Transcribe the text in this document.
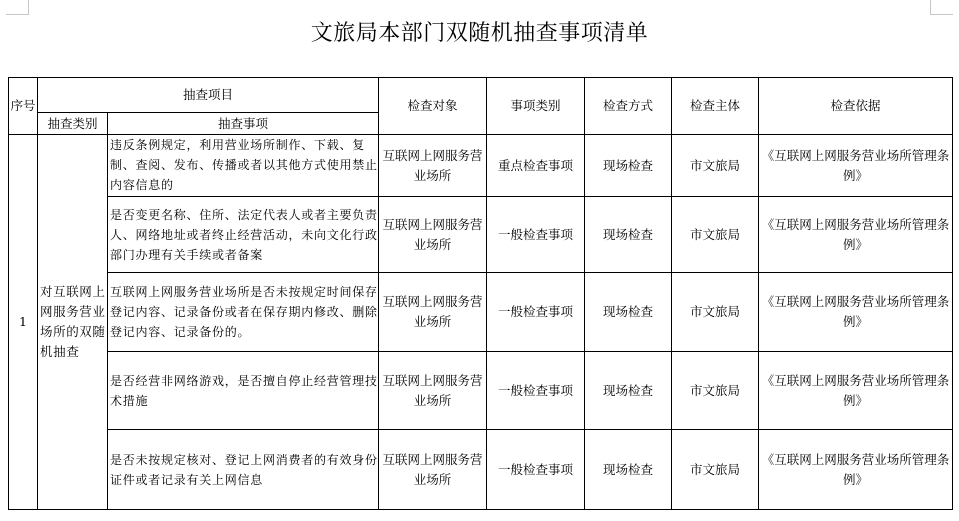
文旅局本部门双随机抽查事项清单
序号	抽查项目		检查对象	事项类别	检查方式	检查主体	检查依据
	抽查类别	抽查事项					
1	对互联网上网服务营业场所的双随机抽查	违反条例规定，利用营业场所制作、下载、复制、查阅、发布、传播或者以其他方式使用禁止内容信息的	互联网上网服务营业场所	重点检查事项	现场检查	市文旅局	《互联网上网服务营业场所管理条例》
		是否变更名称、住所、法定代表人或者主要负责人、网络地址或者终止经营活动，未向文化行政部门办理有关手续或者备案	互联网上网服务营业场所	一般检查事项	现场检查	市文旅局	《互联网上网服务营业场所管理条例》
		互联网上网服务营业场所是否未按规定时间保存登记内容、记录备份或者在保存期内修改、删除登记内容、记录备份的。	互联网上网服务营业场所	一般检查事项	现场检查	市文旅局	《互联网上网服务营业场所管理条例》
		是否经营非网络游戏，是否擅自停止经营管理技术措施	互联网上网服务营业场所	一般检查事项	现场检查	市文旅局	《互联网上网服务营业场所管理条例》
		是否未按规定核对、登记上网消费者的有效身份证件或者记录有关上网信息	互联网上网服务营业场所	一般检查事项	现场检查	市文旅局	《互联网上网服务营业场所管理条例》
